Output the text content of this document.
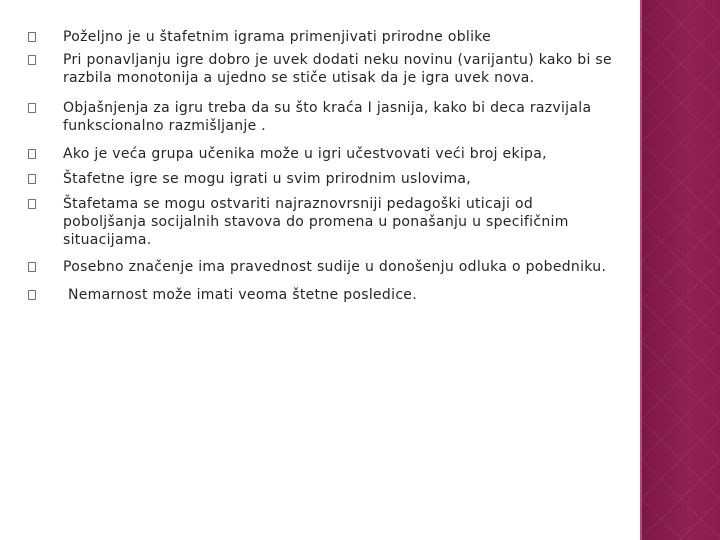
Poželjno je u štafetnim igrama primenjivati prirodne oblike
Pri ponavljanju igre dobro je uvek dodati neku novinu (varijantu) kako bi se razbila monotonija a ujedno se stiče utisak da je igra uvek nova.
Objašnjenja za igru treba da su što kraća I jasnija, kako bi deca razvijala funkscionalno razmišljanje .
Ako je veća grupa učenika može u igri učestvovati veći broj ekipa,
Štafetne igre se mogu igrati u svim prirodnim uslovima,
Štafetama se mogu ostvariti najraznovrsniji pedagoški uticaji od poboljšanja socijalnih stavova do promena u ponašanju u specifičnim situacijama.
Posebno značenje ima pravednost sudije u donošenju odluka o pobedniku.
Nemarnost može imati veoma štetne posledice.
